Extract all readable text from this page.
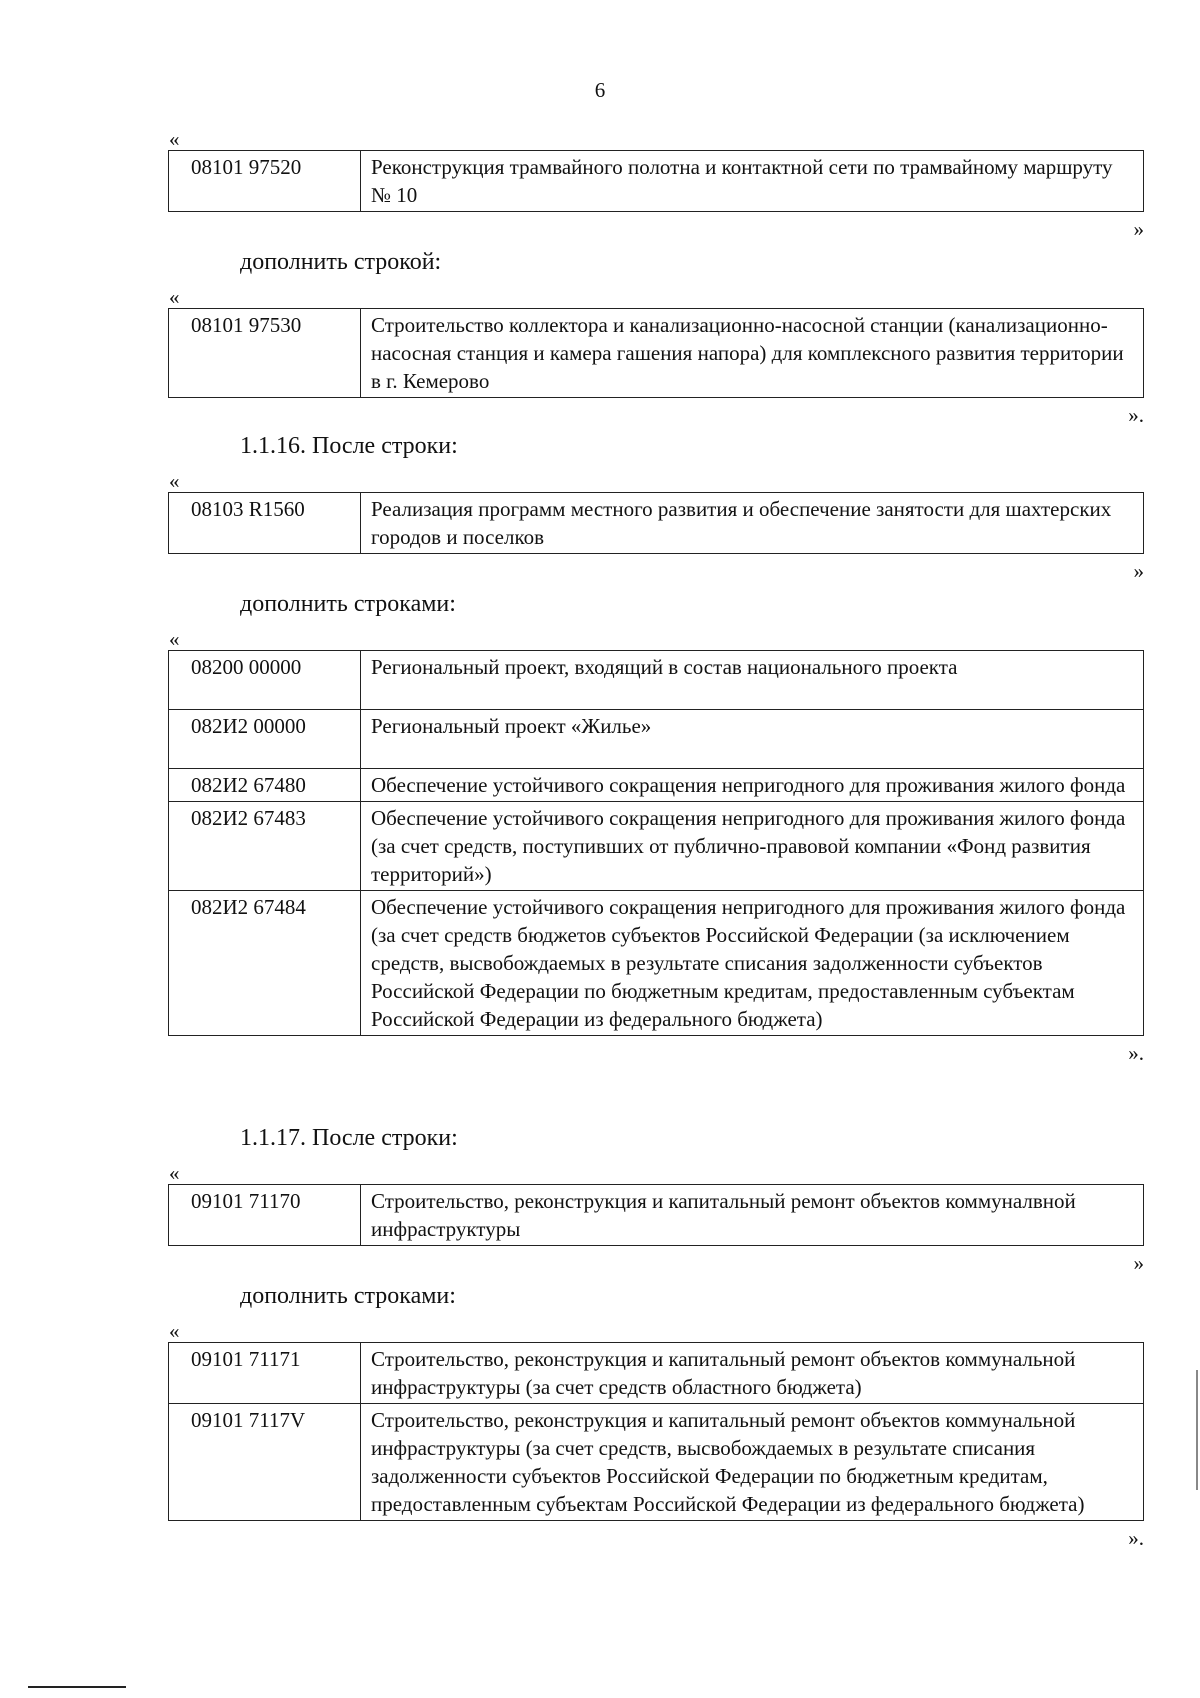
6
«
08101 97520	Реконструкция трамвайного полотна и контактной сети по трамвайному маршруту № 10
»
дополнить строкой:
«
08101 97530	Строительство коллектора и канализационно-насосной станции (канализационно-насосная станция и камера гашения напора) для комплексного развития территории в г. Кемерово
».
1.1.16. После строки:
«
08103 R1560	Реализация программ местного развития и обеспечение занятости для шахтерских городов и поселков
»
дополнить строками:
«
08200 00000	Региональный проект, входящий в состав национального проекта
082И2 00000	Региональный проект «Жилье»
082И2 67480	Обеспечение устойчивого сокращения непригодного для проживания жилого фонда
082И2 67483	Обеспечение устойчивого сокращения непригодного для проживания жилого фонда (за счет средств, поступивших от публично-правовой компании «Фонд развития территорий»)
082И2 67484	Обеспечение устойчивого сокращения непригодного для проживания жилого фонда (за счет средств бюджетов субъектов Российской Федерации (за исключением средств, высвобождаемых в результате списания задолженности субъектов Российской Федерации по бюджетным кредитам, предоставленным субъектам Российской Федерации из федерального бюджета)
».
1.1.17. После строки:
«
09101 71170	Строительство, реконструкция и капитальный ремонт объектов коммуналвной инфраструктуры
»
дополнить строками:
«
09101 71171	Строительство, реконструкция и капитальный ремонт объектов коммунальной инфраструктуры (за счет средств областного бюджета)
09101 7117V	Строительство, реконструкция и капитальный ремонт объектов коммунальной инфраструктуры (за счет средств, высвобождаемых в результате списания задолженности субъектов Российской Федерации по бюджетным кредитам, предоставленным субъектам Российской Федерации из федерального бюджета)
».
